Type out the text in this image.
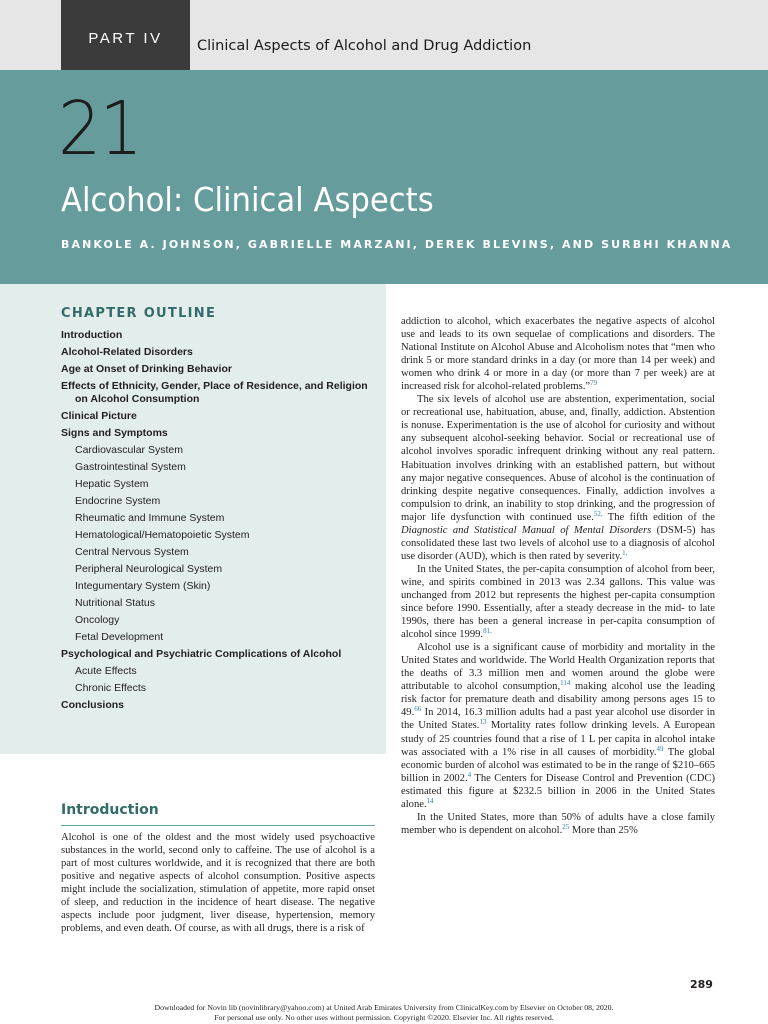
PART IV	Clinical Aspects of Alcohol and Drug Addiction
21
Alcohol: Clinical Aspects
BANKOLE A. JOHNSON, GABRIELLE MARZANI, DEREK BLEVINS, AND SURBHI KHANNA
CHAPTER OUTLINE
Introduction
Alcohol-Related Disorders
Age at Onset of Drinking Behavior
Effects of Ethnicity, Gender, Place of Residence, and Religion on Alcohol Consumption
Clinical Picture
Signs and Symptoms
Cardiovascular System
Gastrointestinal System
Hepatic System
Endocrine System
Rheumatic and Immune System
Hematological/Hematopoietic System
Central Nervous System
Peripheral Neurological System
Integumentary System (Skin)
Nutritional Status
Oncology
Fetal Development
Psychological and Psychiatric Complications of Alcohol
Acute Effects
Chronic Effects
Conclusions
Introduction

Alcohol is one of the oldest and the most widely used psychoactive substances in the world, second only to caffeine. The use of alcohol is a part of most cultures worldwide, and it is recognized that there are both positive and negative aspects of alcohol consumption. Positive aspects might include the socialization, stimulation of appetite, more rapid onset of sleep, and reduction in the incidence of heart disease. The negative aspects include poor judgment, liver disease, hypertension, memory problems, and even death. Of course, as with all drugs, there is a risk of

addiction to alcohol, which exacerbates the negative aspects of alcohol use and leads to its own sequelae of complications and disorders. The National Institute on Alcohol Abuse and Alcoholism notes that “men who drink 5 or more standard drinks in a day (or more than 14 per week) and women who drink 4 or more in a day (or more than 7 per week) are at increased risk for alcohol-related problems.”$^{79}$

The six levels of alcohol use are abstention, experimentation, social or recreational use, habituation, abuse, and, finally, addiction. Abstention is nonuse. Experimentation is the use of alcohol for curiosity and without any subsequent alcohol-seeking behavior. Social or recreational use of alcohol involves sporadic infrequent drinking without any real pattern. Habituation involves drinking with an established pattern, but without any major negative consequences. Abuse of alcohol is the continuation of drinking despite negative consequences. Finally, addiction involves a compulsion to drink, an inability to stop drinking, and the progression of major life dysfunction with continued use.$^{52,}$ The fifth edition of the Diagnostic and Statistical Manual of Mental Disorders (DSM-5) has consolidated these last two levels of alcohol use to a diagnosis of alcohol use disorder (AUD), which is then rated by severity.$^{1,}$

In the United States, the per-capita consumption of alcohol from beer, wine, and spirits combined in 2013 was 2.34 gallons. This value was unchanged from 2012 but represents the highest per-capita consumption since before 1990. Essentially, after a steady decrease in the mid- to late 1990s, there has been a general increase in per-capita consumption of alcohol since 1999.$^{81,}$

Alcohol use is a significant cause of morbidity and mortality in the United States and worldwide. The World Health Organization reports that the deaths of 3.3 million men and women around the globe were attributable to alcohol consumption,$^{114}$ making alcohol use the leading risk factor for premature death and disability among persons ages 15 to 49.66 In 2014, 16.3 million adults had a past year alcohol use disorder in the United States.$^{13}$ Mortality rates follow drinking levels. A European study of 25 countries found that a rise of 1 L per capita in alcohol intake was associated with a 1% rise in all causes of morbidity.$^{49}$ The global economic burden of alcohol was estimated to be in the range of $210–665 billion in 2002.$^4$ The Centers for Disease Control and Prevention (CDC) estimated this figure at $232.5 billion in 2006 in the United States alone.$^{14}$

In the United States, more than 50% of adults have a close family member who is dependent on alcohol.$^{25}$ More than 25%

289
Downloaded for Novin lib (novinlibrary@yahoo.com) at United Arab Emirates University from ClinicalKey.com by Elsevier on October 08, 2020.
For personal use only. No other uses without permission. Copyright ©2020. Elsevier Inc. All rights reserved.
